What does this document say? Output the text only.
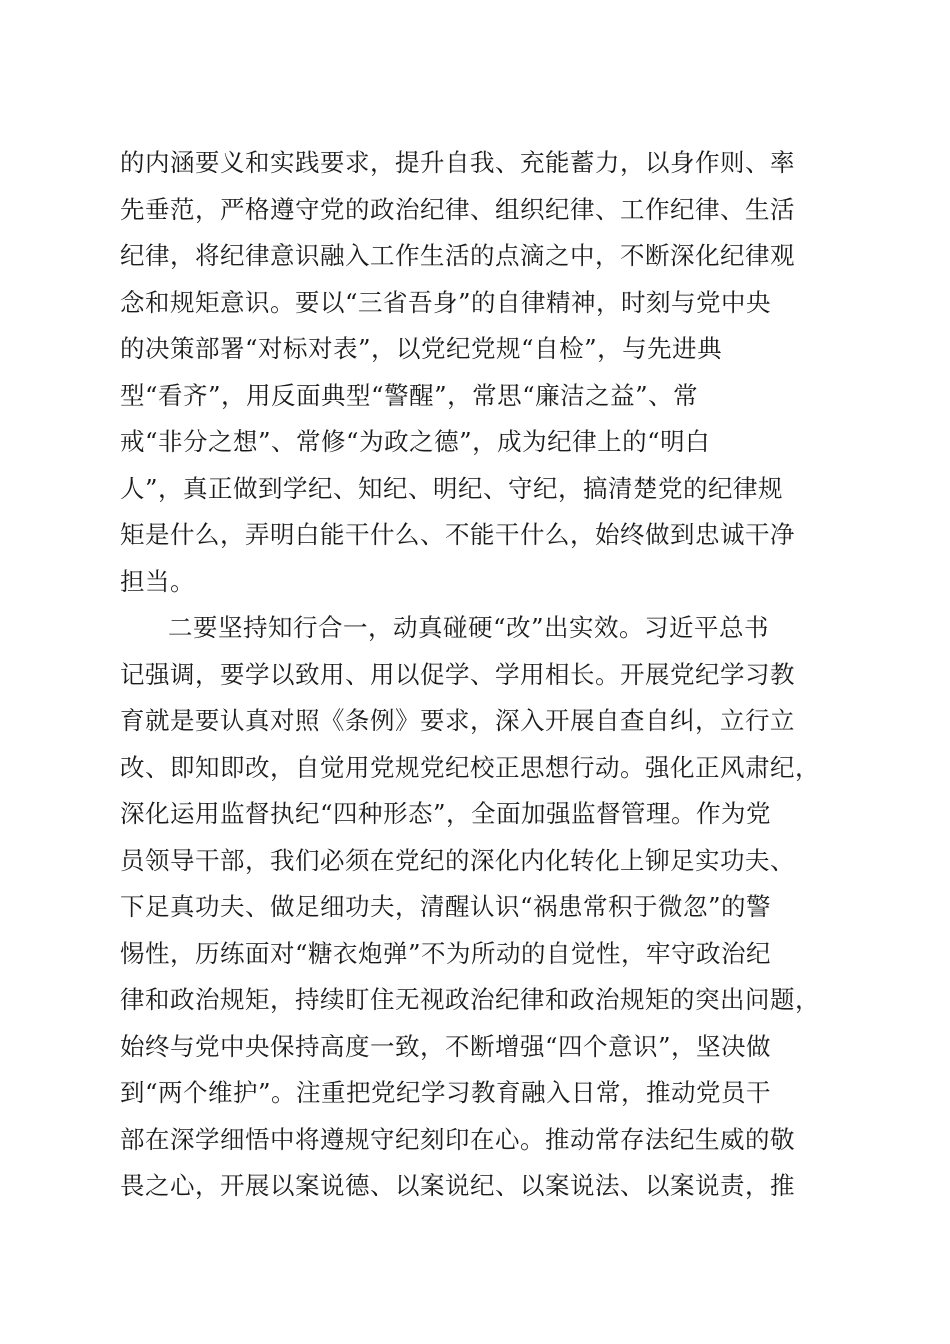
的内涵要义和实践要求，提升自我、充能蓄力，以身作则、率
先垂范，严格遵守党的政治纪律、组织纪律、工作纪律、生活
纪律，将纪律意识融入工作生活的点滴之中，不断深化纪律观
念和规矩意识。要以“三省吾身”的自律精神，时刻与党中央
的决策部署“对标对表”，以党纪党规“自检”，与先进典
型“看齐”，用反面典型“警醒”，常思“廉洁之益”、常
戒“非分之想”、常修“为政之德”，成为纪律上的“明白
人”，真正做到学纪、知纪、明纪、守纪，搞清楚党的纪律规
矩是什么，弄明白能干什么、不能干什么，始终做到忠诚干净
担当。
二要坚持知行合一，动真碰硬“改”出实效。习近平总书
记强调，要学以致用、用以促学、学用相长。开展党纪学习教
育就是要认真对照《条例》要求，深入开展自查自纠，立行立
改、即知即改，自觉用党规党纪校正思想行动。强化正风肃纪，
深化运用监督执纪“四种形态”，全面加强监督管理。作为党
员领导干部，我们必须在党纪的深化内化转化上铆足实功夫、
下足真功夫、做足细功夫，清醒认识“祸患常积于微忽”的警
惕性，历练面对“糖衣炮弹”不为所动的自觉性，牢守政治纪
律和政治规矩，持续盯住无视政治纪律和政治规矩的突出问题，
始终与党中央保持高度一致，不断增强“四个意识”，坚决做
到“两个维护”。注重把党纪学习教育融入日常，推动党员干
部在深学细悟中将遵规守纪刻印在心。推动常存法纪生威的敬
畏之心，开展以案说德、以案说纪、以案说法、以案说责，推
